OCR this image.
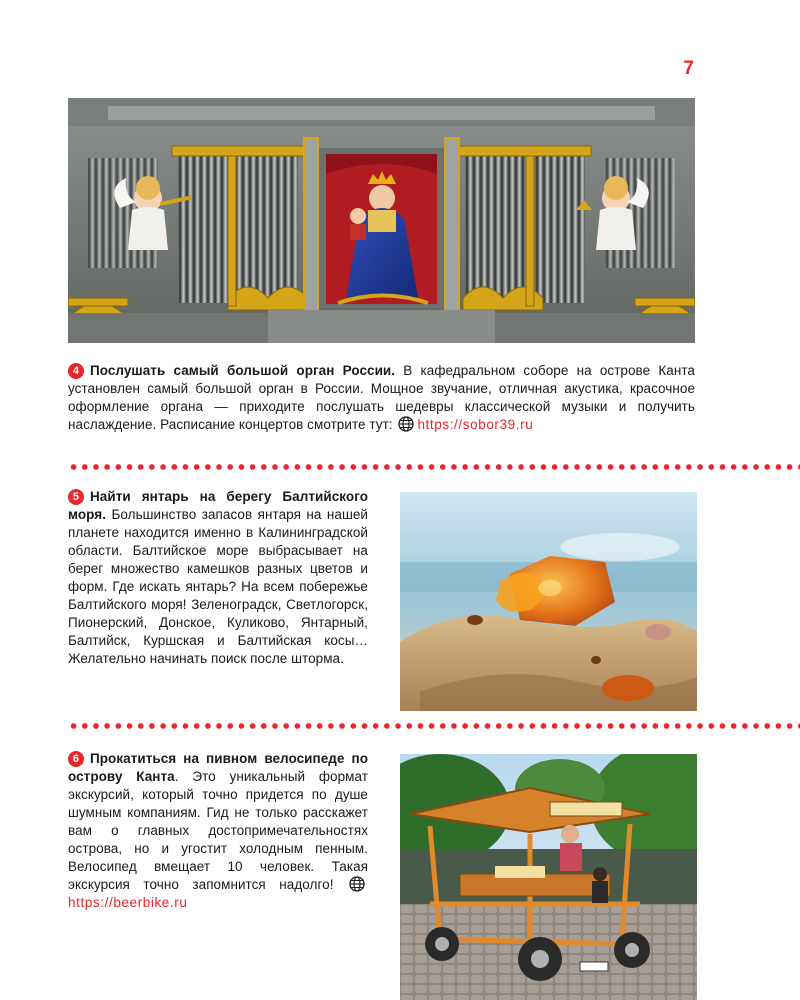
7

4 Послушать самый большой орган России. В кафедральном соборе на острове Канта установлен самый большой орган в России. Мощное звучание, отличная акустика, красочное оформление органа — приходите послушать шедевры классической музыки и получить наслаждение. Расписание концертов смотрите тут: https://sobor39.ru

5 Найти янтарь на берегу Балтийского моря. Большинство запасов янтаря на нашей планете находится именно в Калининградской области. Балтийское море выбрасывает на берег множество камешков разных цветов и форм. Где искать янтарь? На всем побережье Балтийского моря! Зеленоградск, Светлогорск, Пионерский, Донское, Куликово, Янтарный, Балтийск, Куршская и Балтийская косы… Желательно начинать поиск после шторма.

6 Прокатиться на пивном велосипеде по острову Канта. Это уникальный формат экскурсий, который точно придется по душе шумным компаниям. Гид не только расскажет вам о главных достопримечательностях острова, но и угостит холодным пенным. Велосипед вмещает 10 человек. Такая экскурсия точно запомнится надолго! https://beerbike.ru
